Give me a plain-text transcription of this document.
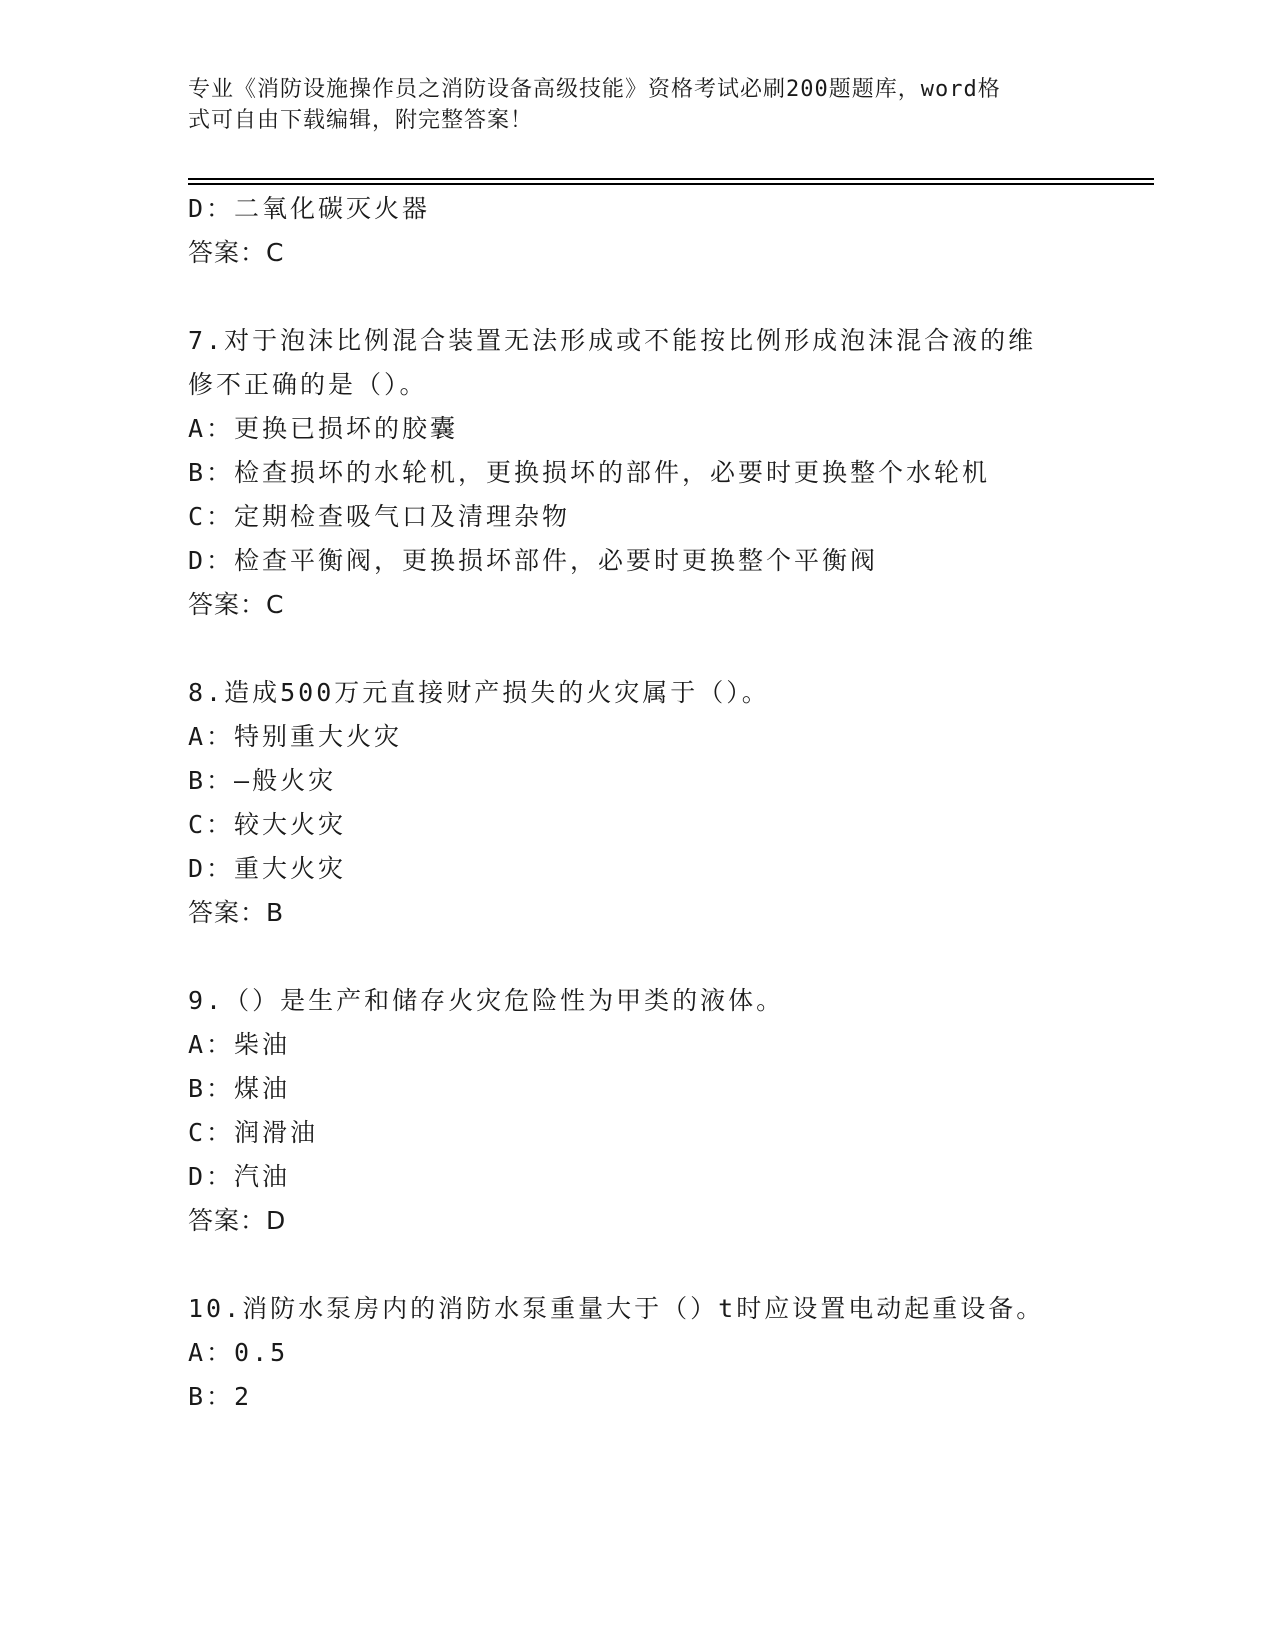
专业《消防设施操作员之消防设备高级技能》资格考试必刷200题题库，word格
式可自由下载编辑，附完整答案！
D：二氧化碳灭火器
答案：C
7.对于泡沫比例混合装置无法形成或不能按比例形成泡沫混合液的维
修不正确的是（）。
A：更换已损坏的胶囊
B：检查损坏的水轮机，更换损坏的部件，必要时更换整个水轮机
C：定期检查吸气口及清理杂物
D：检查平衡阀，更换损坏部件，必要时更换整个平衡阀
答案：C
8.造成500万元直接财产损失的火灾属于（）。
A：特别重大火灾
B：—般火灾
C：较大火灾
D：重大火灾
答案：B
9.（）是生产和储存火灾危险性为甲类的液体。
A：柴油
B：煤油
C：润滑油
D：汽油
答案：D
10.消防水泵房内的消防水泵重量大于（）t时应设置电动起重设备。
A：0.5
B：2
